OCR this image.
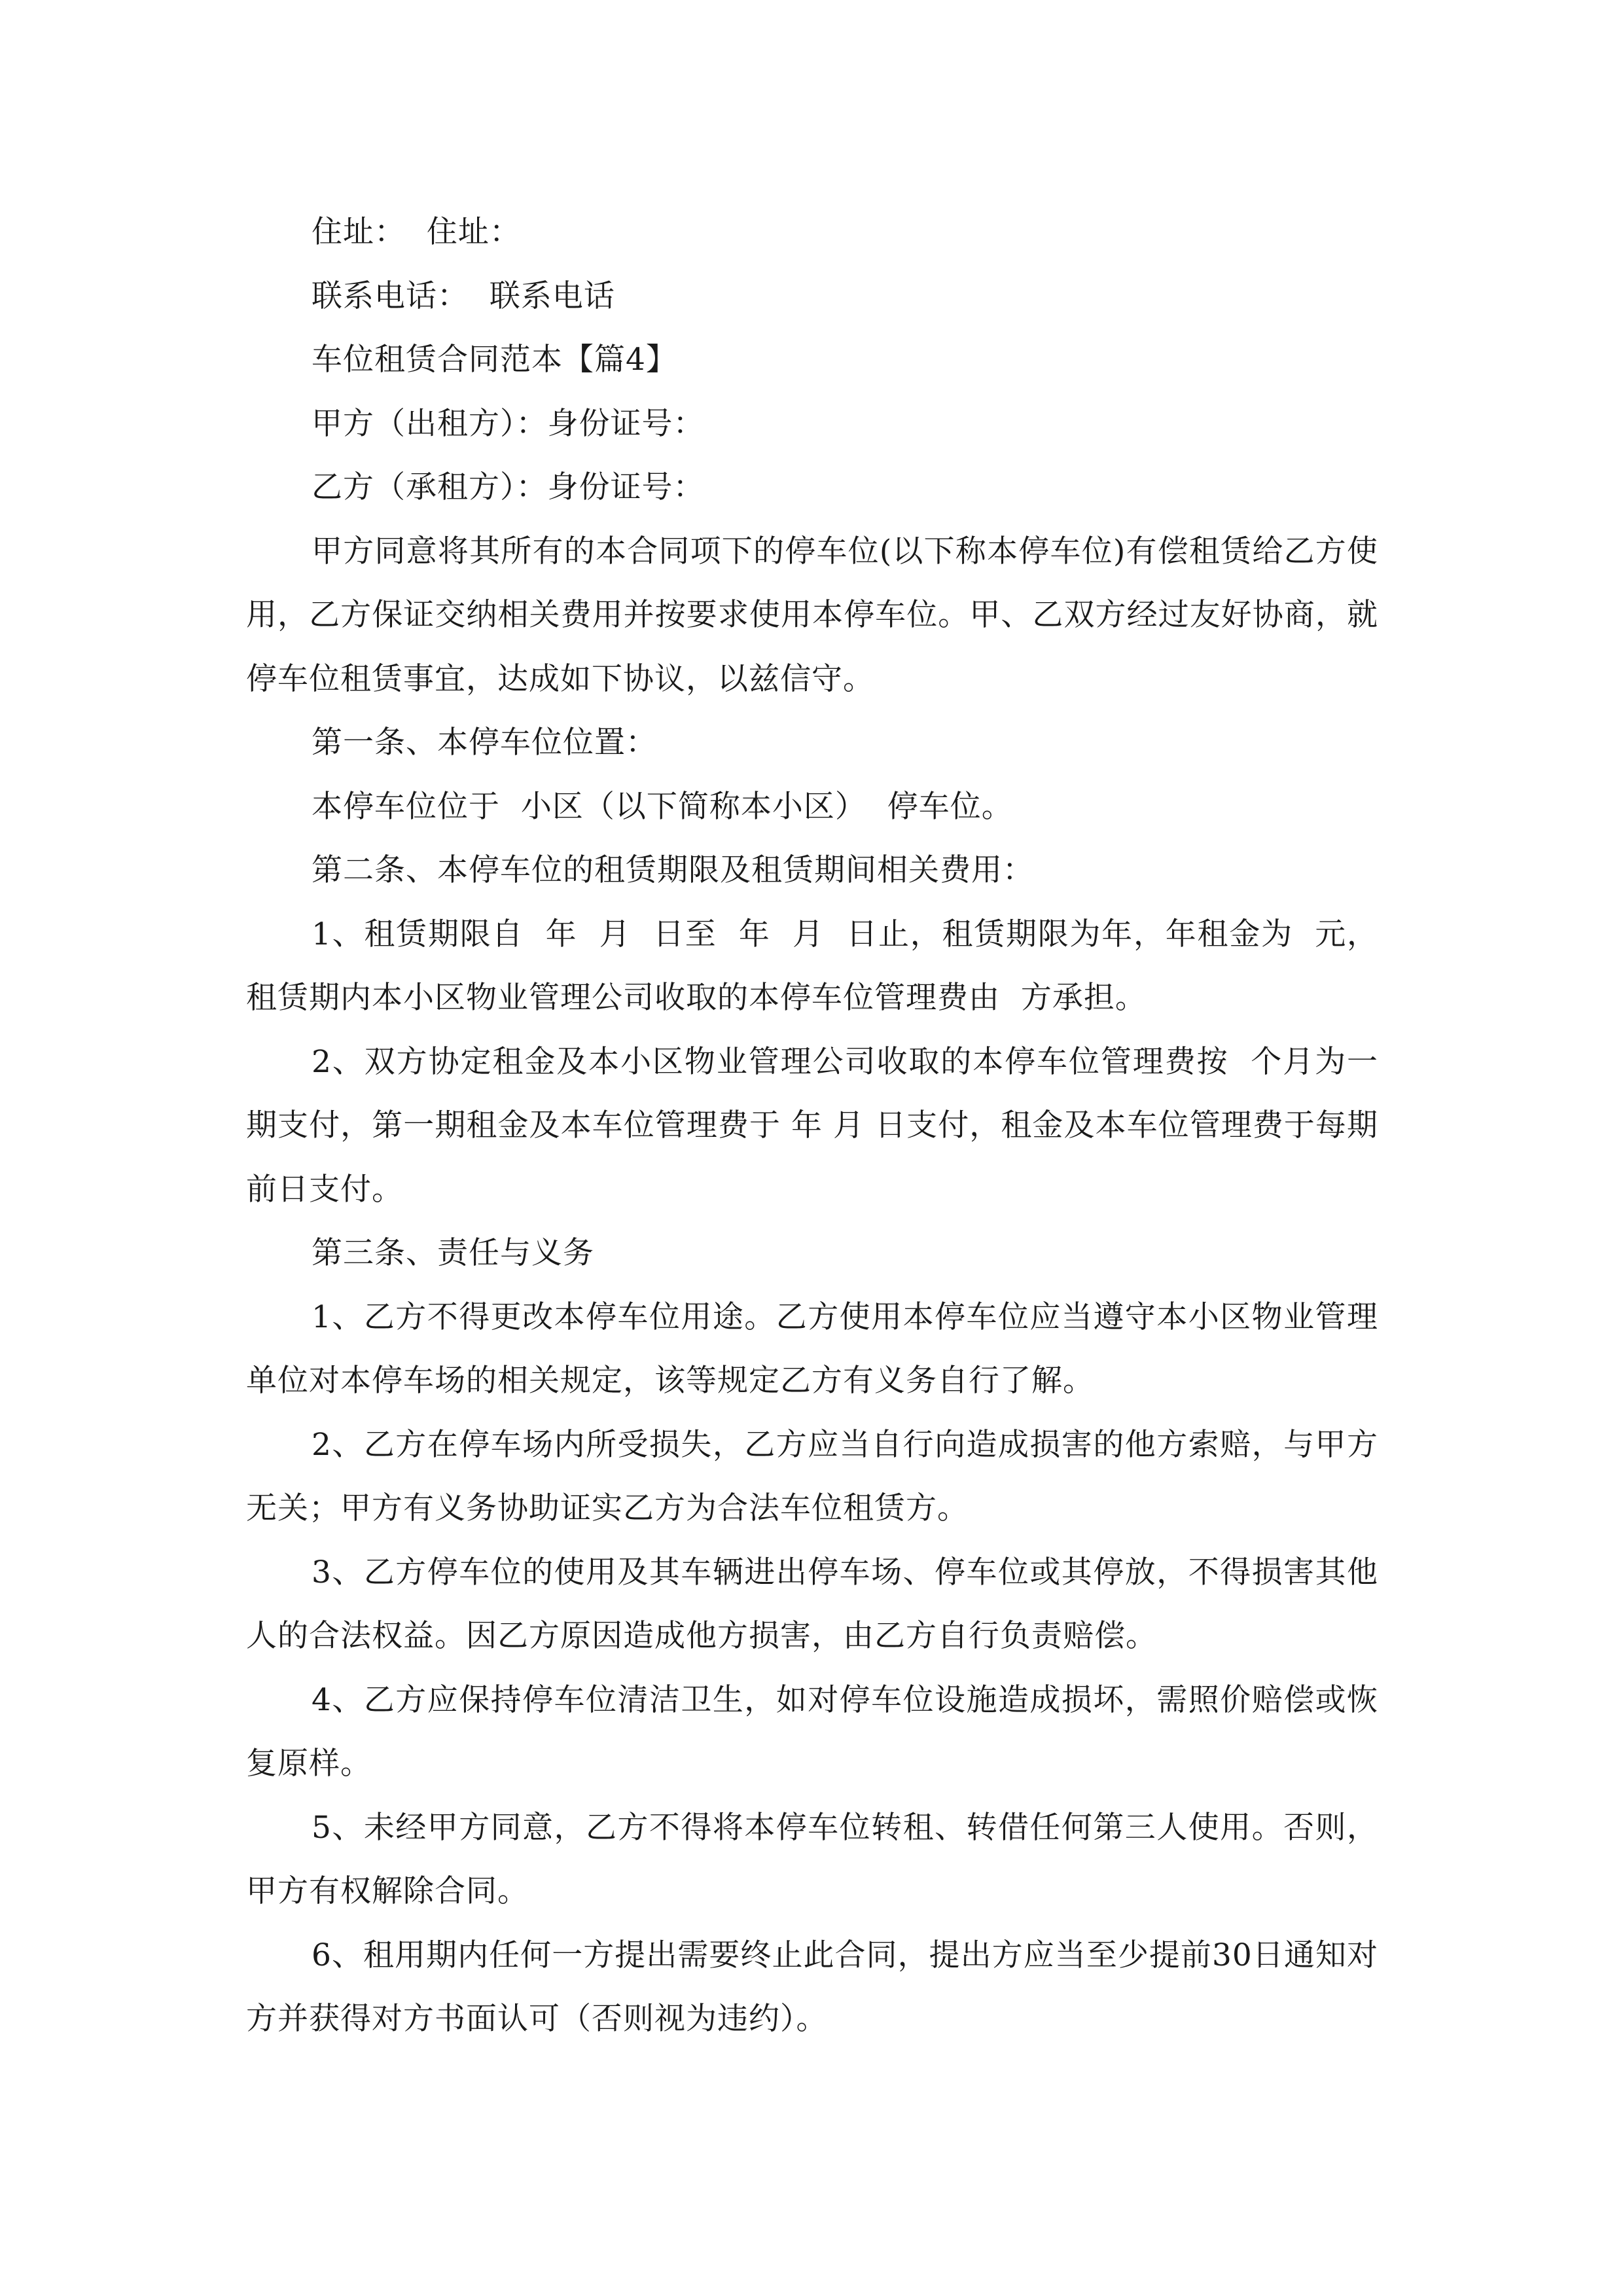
住址：  住址：

联系电话：  联系电话

车位租赁合同范本【篇4】

甲方（出租方）：身份证号：

乙方（承租方）：身份证号：

甲方同意将其所有的本合同项下的停车位(以下称本停车位)有偿租赁给乙方使用，乙方保证交纳相关费用并按要求使用本停车位。甲、乙双方经过友好协商，就停车位租赁事宜，达成如下协议，以兹信守。

第一条、本停车位位置：

本停车位位于  小区（以下简称本小区）  停车位。

第二条、本停车位的租赁期限及租赁期间相关费用：

1、租赁期限自  年  月  日至  年  月  日止，租赁期限为年，年租金为  元，租赁期内本小区物业管理公司收取的本停车位管理费由  方承担。

2、双方协定租金及本小区物业管理公司收取的本停车位管理费按  个月为一期支付，第一期租金及本车位管理费于 年 月 日支付，租金及本车位管理费于每期前日支付。

第三条、责任与义务

1、乙方不得更改本停车位用途。乙方使用本停车位应当遵守本小区物业管理单位对本停车场的相关规定，该等规定乙方有义务自行了解。

2、乙方在停车场内所受损失，乙方应当自行向造成损害的他方索赔，与甲方无关；甲方有义务协助证实乙方为合法车位租赁方。

3、乙方停车位的使用及其车辆进出停车场、停车位或其停放，不得损害其他人的合法权益。因乙方原因造成他方损害，由乙方自行负责赔偿。

4、乙方应保持停车位清洁卫生，如对停车位设施造成损坏，需照价赔偿或恢复原样。

5、未经甲方同意，乙方不得将本停车位转租、转借任何第三人使用。否则，甲方有权解除合同。

6、租用期内任何一方提出需要终止此合同，提出方应当至少提前30日通知对方并获得对方书面认可（否则视为违约）。
